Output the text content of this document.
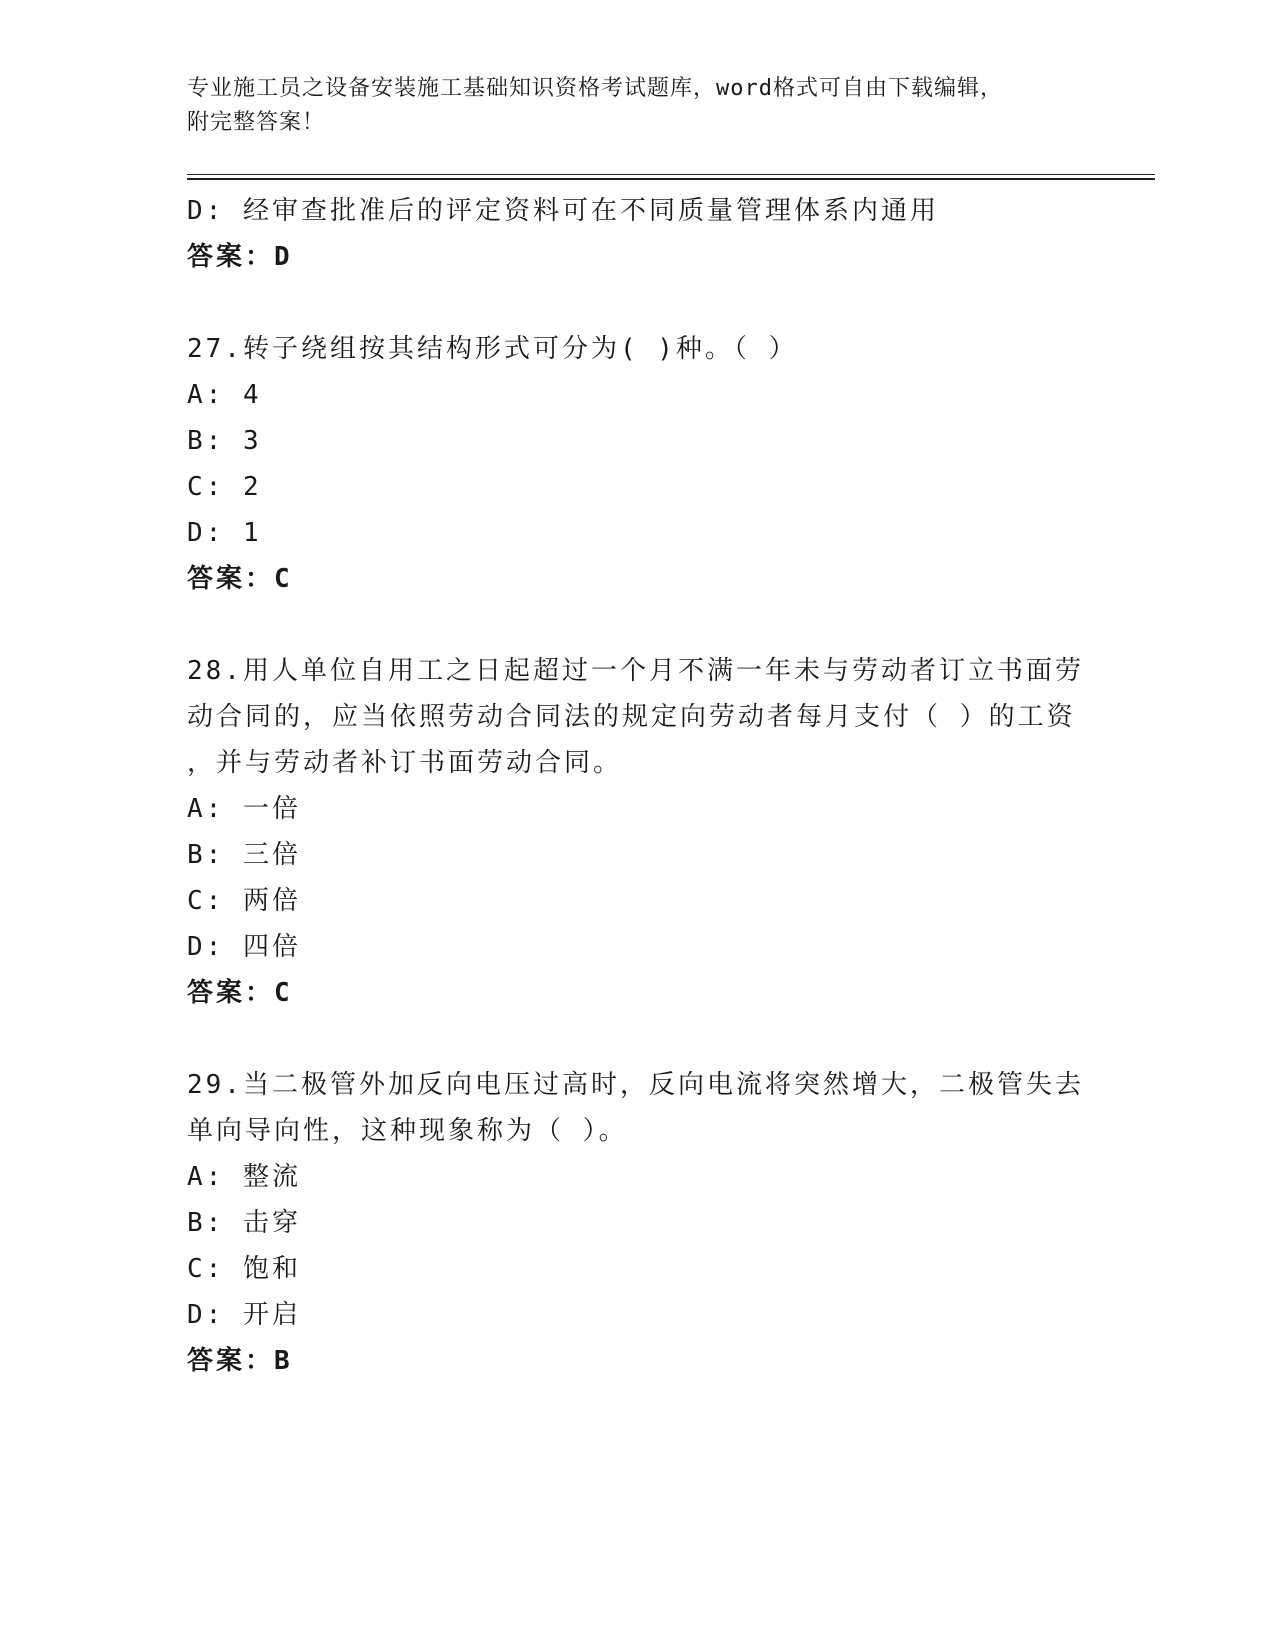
专业施工员之设备安装施工基础知识资格考试题库，word格式可自由下载编辑，
附完整答案！
D: 经审查批准后的评定资料可在不同质量管理体系内通用
答案：D
27.转子绕组按其结构形式可分为( )种。（ ）
A: 4
B: 3
C: 2
D: 1
答案：C
28.用人单位自用工之日起超过一个月不满一年未与劳动者订立书面劳
动合同的，应当依照劳动合同法的规定向劳动者每月支付（ ）的工资
，并与劳动者补订书面劳动合同。
A: 一倍
B: 三倍
C: 两倍
D: 四倍
答案：C
29.当二极管外加反向电压过高时，反向电流将突然增大，二极管失去
单向导向性，这种现象称为（ ）。
A: 整流
B: 击穿
C: 饱和
D: 开启
答案：B
